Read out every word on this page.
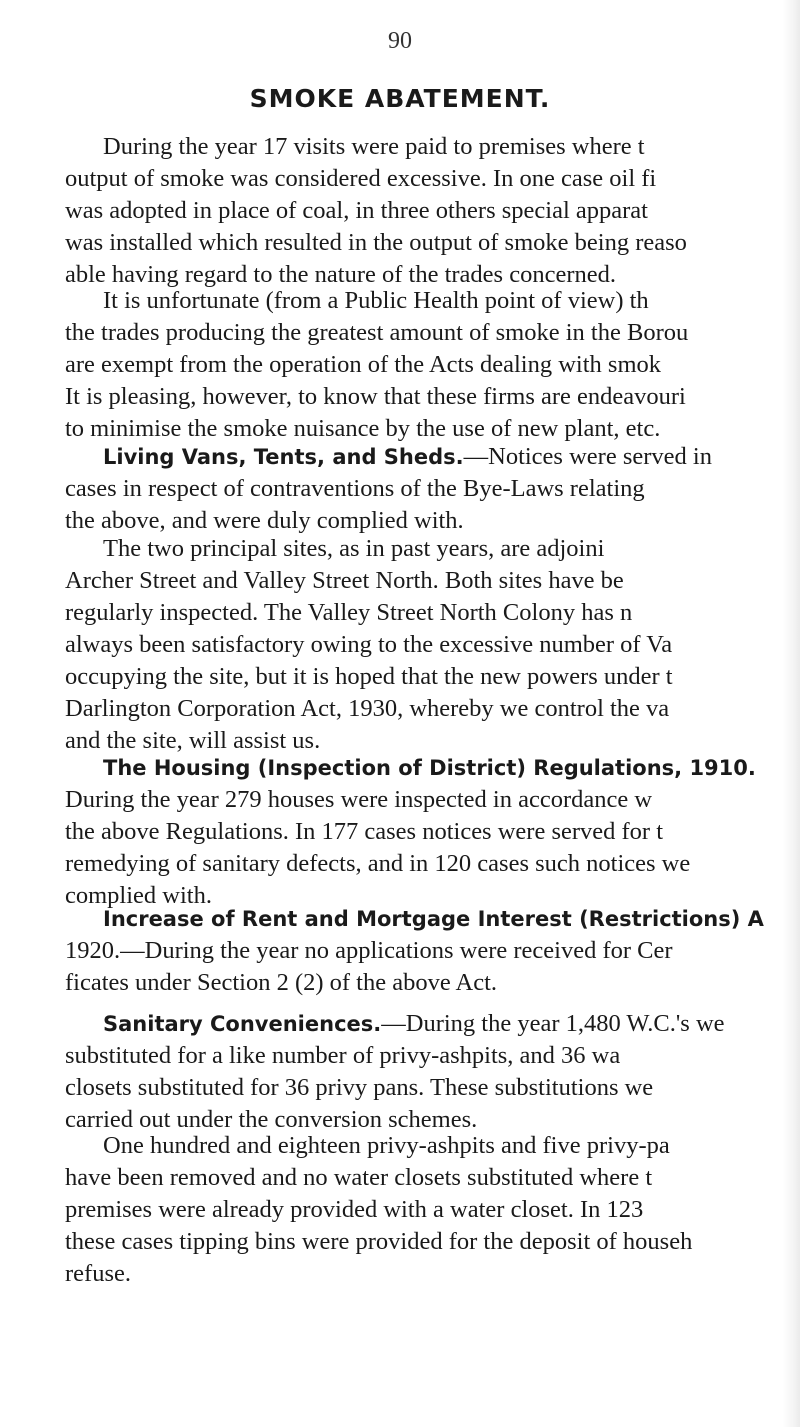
90
SMOKE ABATEMENT.
During the year 17 visits were paid to premises where t
output of smoke was considered excessive. In one case oil fi
was adopted in place of coal, in three others special apparat
was installed which resulted in the output of smoke being reaso
able having regard to the nature of the trades concerned.
It is unfortunate (from a Public Health point of view) th
the trades producing the greatest amount of smoke in the Borou
are exempt from the operation of the Acts dealing with smok
It is pleasing, however, to know that these firms are endeavouri
to minimise the smoke nuisance by the use of new plant, etc.
Living Vans, Tents, and Sheds.—Notices were served in
cases in respect of contraventions of the Bye-Laws relating
the above, and were duly complied with.
The two principal sites, as in past years, are adjoini
Archer Street and Valley Street North. Both sites have be
regularly inspected. The Valley Street North Colony has n
always been satisfactory owing to the excessive number of Va
occupying the site, but it is hoped that the new powers under t
Darlington Corporation Act, 1930, whereby we control the va
and the site, will assist us.
The Housing (Inspection of District) Regulations, 1910.
During the year 279 houses were inspected in accordance w
the above Regulations. In 177 cases notices were served for t
remedying of sanitary defects, and in 120 cases such notices we
complied with.
Increase of Rent and Mortgage Interest (Restrictions) A
1920.—During the year no applications were received for Cer
ficates under Section 2 (2) of the above Act.
Sanitary Conveniences.—During the year 1,480 W.C.'s we
substituted for a like number of privy-ashpits, and 36 wa
closets substituted for 36 privy pans. These substitutions we
carried out under the conversion schemes.
One hundred and eighteen privy-ashpits and five privy-pa
have been removed and no water closets substituted where t
premises were already provided with a water closet. In 123
these cases tipping bins were provided for the deposit of househ
refuse.
